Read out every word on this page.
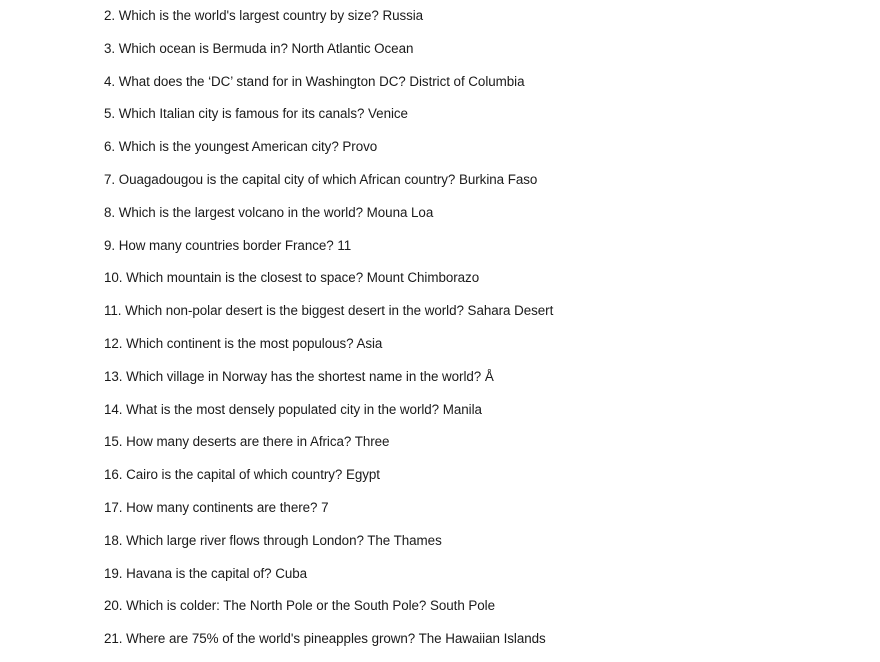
2. Which is the world's largest country by size? Russia
3. Which ocean is Bermuda in? North Atlantic Ocean
4. What does the ‘DC’ stand for in Washington DC? District of Columbia
5. Which Italian city is famous for its canals? Venice
6. Which is the youngest American city? Provo
7. Ouagadougou is the capital city of which African country? Burkina Faso
8. Which is the largest volcano in the world? Mouna Loa
9. How many countries border France? 11
10. Which mountain is the closest to space? Mount Chimborazo
11. Which non-polar desert is the biggest desert in the world? Sahara Desert
12. Which continent is the most populous? Asia
13. Which village in Norway has the shortest name in the world? Å
14. What is the most densely populated city in the world? Manila
15. How many deserts are there in Africa? Three
16. Cairo is the capital of which country? Egypt
17. How many continents are there? 7
18. Which large river flows through London? The Thames
19. Havana is the capital of? Cuba
20. Which is colder: The North Pole or the South Pole? South Pole
21. Where are 75% of the world's pineapples grown? The Hawaiian Islands
